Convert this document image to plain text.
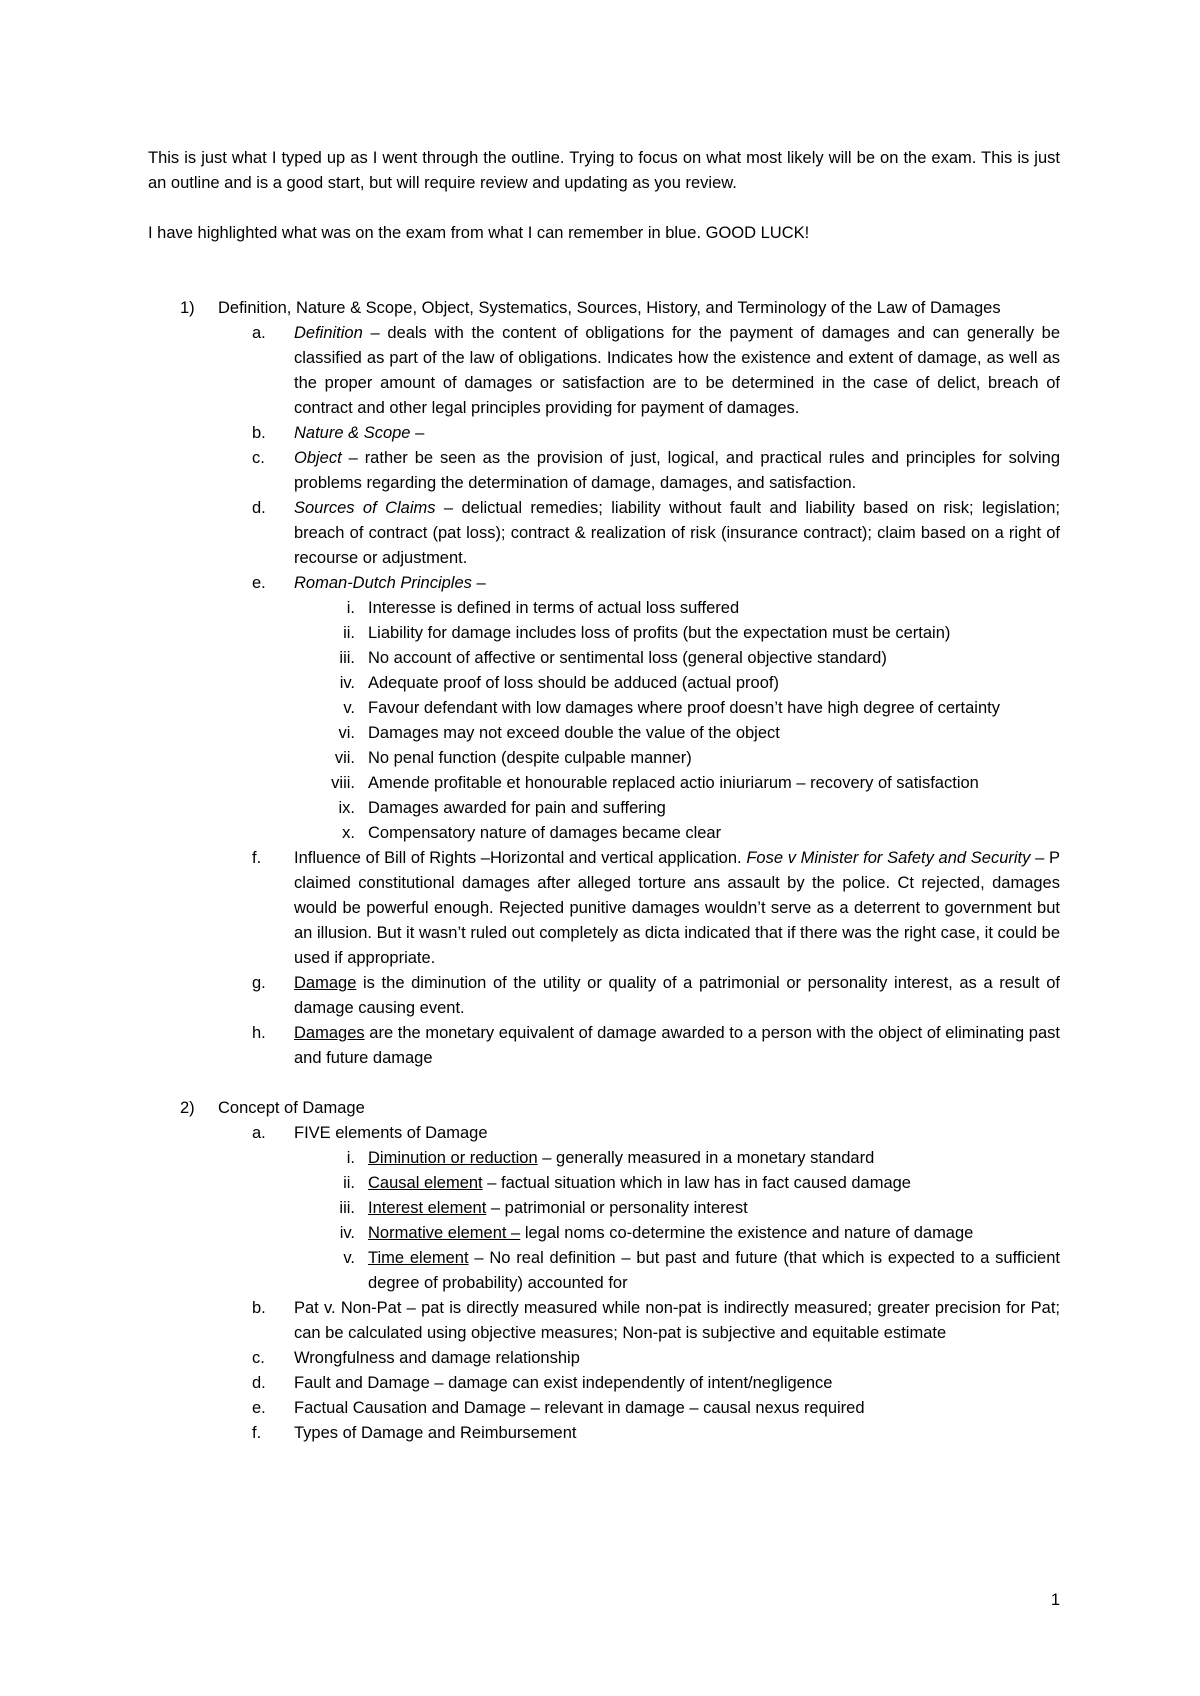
This is just what I typed up as I went through the outline. Trying to focus on what most likely will be on the exam. This is just an outline and is a good start, but will require review and updating as you review.

I have highlighted what was on the exam from what I can remember in blue. GOOD LUCK!

1)	Definition, Nature & Scope, Object, Systematics, Sources, History, and Terminology of the Law of Damages

a. Definition – deals with the content of obligations for the payment of damages and can generally be classified as part of the law of obligations. Indicates how the existence and extent of damage, as well as the proper amount of damages or satisfaction are to be determined in the case of delict, breach of contract and other legal principles providing for payment of damages.
b. Nature & Scope –
c. Object – rather be seen as the provision of just, logical, and practical rules and principles for solving problems regarding the determination of damage, damages, and satisfaction.
d. Sources of Claims – delictual remedies; liability without fault and liability based on risk; legislation; breach of contract (pat loss); contract & realization of risk (insurance contract); claim based on a right of recourse or adjustment.
e. Roman-Dutch Principles –
i. Interesse is defined in terms of actual loss suffered
ii. Liability for damage includes loss of profits (but the expectation must be certain)
iii. No account of affective or sentimental loss (general objective standard)
iv. Adequate proof of loss should be adduced (actual proof)
v. Favour defendant with low damages where proof doesn’t have high degree of certainty
vi. Damages may not exceed double the value of the object
vii. No penal function (despite culpable manner)
viii. Amende profitable et honourable replaced actio iniuriarum – recovery of satisfaction
ix. Damages awarded for pain and suffering
x. Compensatory nature of damages became clear
f. Influence of Bill of Rights –Horizontal and vertical application. Fose v Minister for Safety and Security – P claimed constitutional damages after alleged torture ans assault by the police. Ct rejected, damages would be powerful enough. Rejected punitive damages wouldn’t serve as a deterrent to government but an illusion. But it wasn’t ruled out completely as dicta indicated that if there was the right case, it could be used if appropriate.
g. Damage is the diminution of the utility or quality of a patrimonial or personality interest, as a result of damage causing event.
h. Damages are the monetary equivalent of damage awarded to a person with the object of eliminating past and future damage
2)	Concept of Damage

a. FIVE elements of Damage
i. Diminution or reduction – generally measured in a monetary standard
ii. Causal element – factual situation which in law has in fact caused damage
iii. Interest element – patrimonial or personality interest
iv. Normative element – legal noms co-determine the existence and nature of damage
v. Time element – No real definition – but past and future (that which is expected to a sufficient degree of probability) accounted for
b. Pat v. Non-Pat – pat is directly measured while non-pat is indirectly measured; greater precision for Pat; can be calculated using objective measures; Non-pat is subjective and equitable estimate
c. Wrongfulness and damage relationship
d. Fault and Damage – damage can exist independently of intent/negligence
e. Factual Causation and Damage – relevant in damage – causal nexus required
f. Types of Damage and Reimbursement
1
